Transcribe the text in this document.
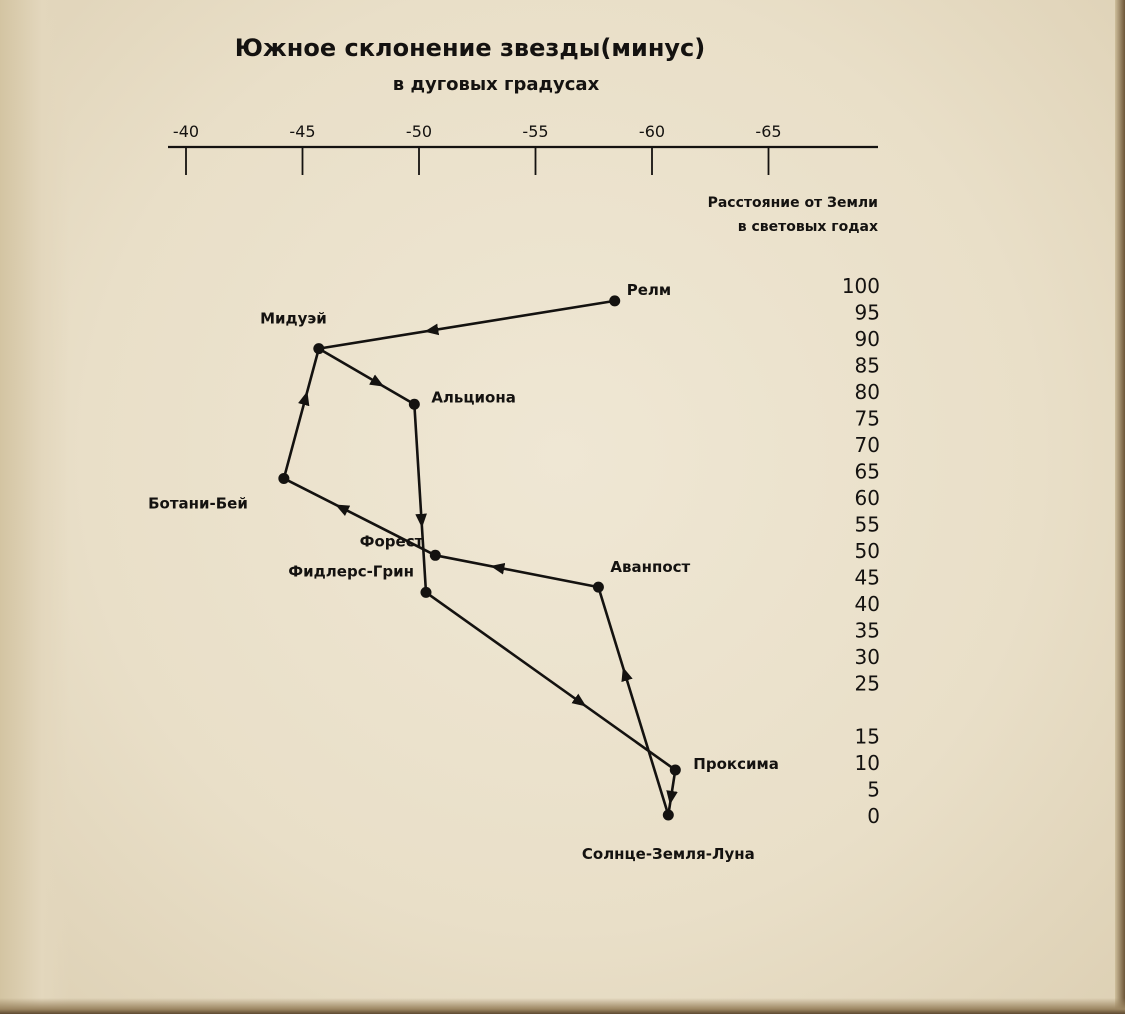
Южное склонение звезды(минус)
в дуговых градусах
-40	-45	-50	-55	-60	-65
Расстояние от Земли
в световых годах
0
5
10
15
25
30
35
40
45
50
55
60
65
70
75
80
85
90
95
100
Солнце-Земля-Луна
Проксима
Аванпост
Форест
Фидлерс-Грин
Ботани-Бей
Мидуэй
Альциона
Релм
